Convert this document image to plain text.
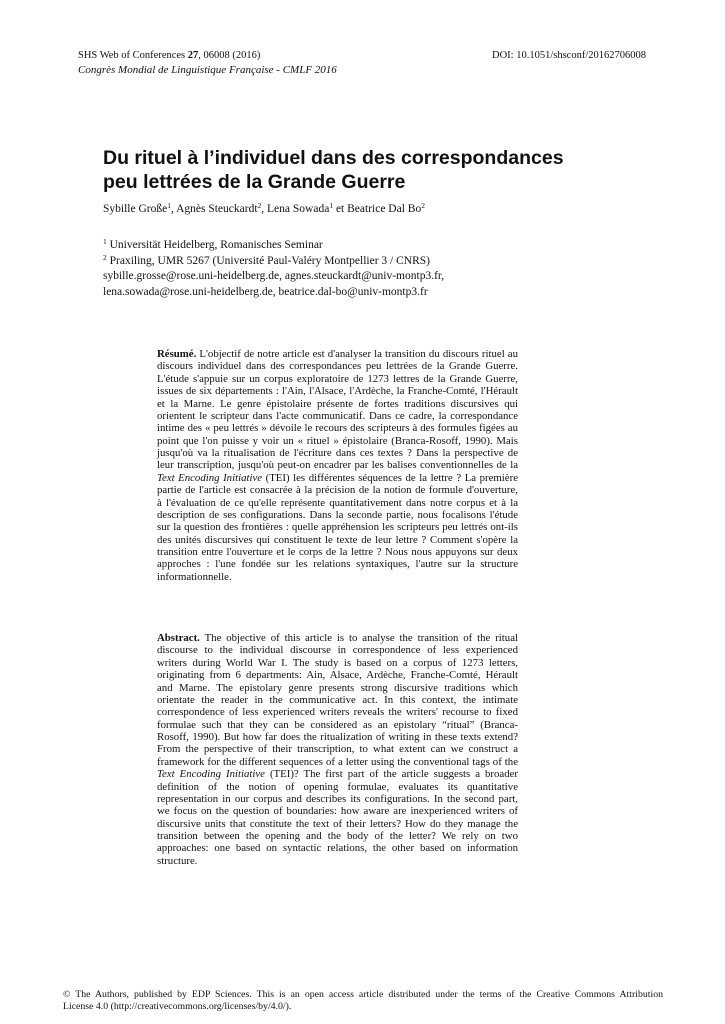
SHS Web of Conferences 27, 06008 (2016)	DOI: 10.1051/shsconf/20162706008
Congrès Mondial de Linguistique Française - CMLF 2016
Du rituel à l’individuel dans des correspondances
peu lettrées de la Grande Guerre
Sybille Große$^1$, Agnès Steuckardt$^2$, Lena Sowada$^1$ et Beatrice Dal Bo$^2$
$^1$ Universität Heidelberg, Romanisches Seminar
$^2$ Praxiling, UMR 5267 (Université Paul-Valéry Montpellier 3 / CNRS)
sybille.grosse@rose.uni-heidelberg.de, agnes.steuckardt@univ-montp3.fr,
lena.sowada@rose.uni-heidelberg.de, beatrice.dal-bo@univ-montp3.fr
Résumé. L'objectif de notre article est d'analyser la transition du discours rituel au
discours individuel dans des correspondances peu lettrées de la Grande Guerre.
L'étude s'appuie sur un corpus exploratoire de 1273 lettres de la Grande Guerre,
issues de six départements : l'Ain, l'Alsace, l'Ardèche, la Franche-Comté, l'Hérault
et la Marne. Le genre épistolaire présente de fortes traditions discursives qui
orientent le scripteur dans l'acte communicatif. Dans ce cadre, la correspondance
intime des « peu lettrés » dévoile le recours des scripteurs à des formules figées au
point que l'on puisse y voir un « rituel » épistolaire (Branca-Rosoff, 1990). Mais
jusqu'où va la ritualisation de l'écriture dans ces textes ? Dans la perspective de
leur transcription, jusqu'où peut-on encadrer par les balises conventionnelles de la
Text Encoding Initiative (TEI) les différentes séquences de la lettre ? La première
partie de l'article est consacrée à la précision de la notion de formule d'ouverture,
à l'évaluation de ce qu'elle représente quantitativement dans notre corpus et à la
description de ses configurations. Dans la seconde partie, nous focalisons l'étude
sur la question des frontières : quelle appréhension les scripteurs peu lettrés ont-ils
des unités discursives qui constituent le texte de leur lettre ? Comment s'opère la
transition entre l'ouverture et le corps de la lettre ? Nous nous appuyons sur deux
approches : l'une fondée sur les relations syntaxiques, l'autre sur la structure
informationnelle.
Abstract. The objective of this article is to analyse the transition of the ritual
discourse to the individual discourse in correspondence of less experienced
writers during World War I. The study is based on a corpus of 1273 letters,
originating from 6 departments: Ain, Alsace, Ardèche, Franche-Comté, Hérault
and Marne. The epistolary genre presents strong discursive traditions which
orientate the reader in the communicative act. In this context, the intimate
correspondence of less experienced writers reveals the writers' recourse to fixed
formulae such that they can be considered as an epistolary “ritual” (Branca-
Rosoff, 1990). But how far does the ritualization of writing in these texts extend?
From the perspective of their transcription, to what extent can we construct a
framework for the different sequences of a letter using the conventional tags of the
Text Encoding Initiative (TEI)? The first part of the article suggests a broader
definition of the notion of opening formulae, evaluates its quantitative
representation in our corpus and describes its configurations. In the second part,
we focus on the question of boundaries: how aware are inexperienced writers of
discursive units that constitute the text of their letters? How do they manage the
transition between the opening and the body of the letter? We rely on two
approaches: one based on syntactic relations, the other based on information
structure.
© The Authors, published by EDP Sciences. This is an open access article distributed under the terms of the Creative Commons Attribution
License 4.0 (http://creativecommons.org/licenses/by/4.0/).
